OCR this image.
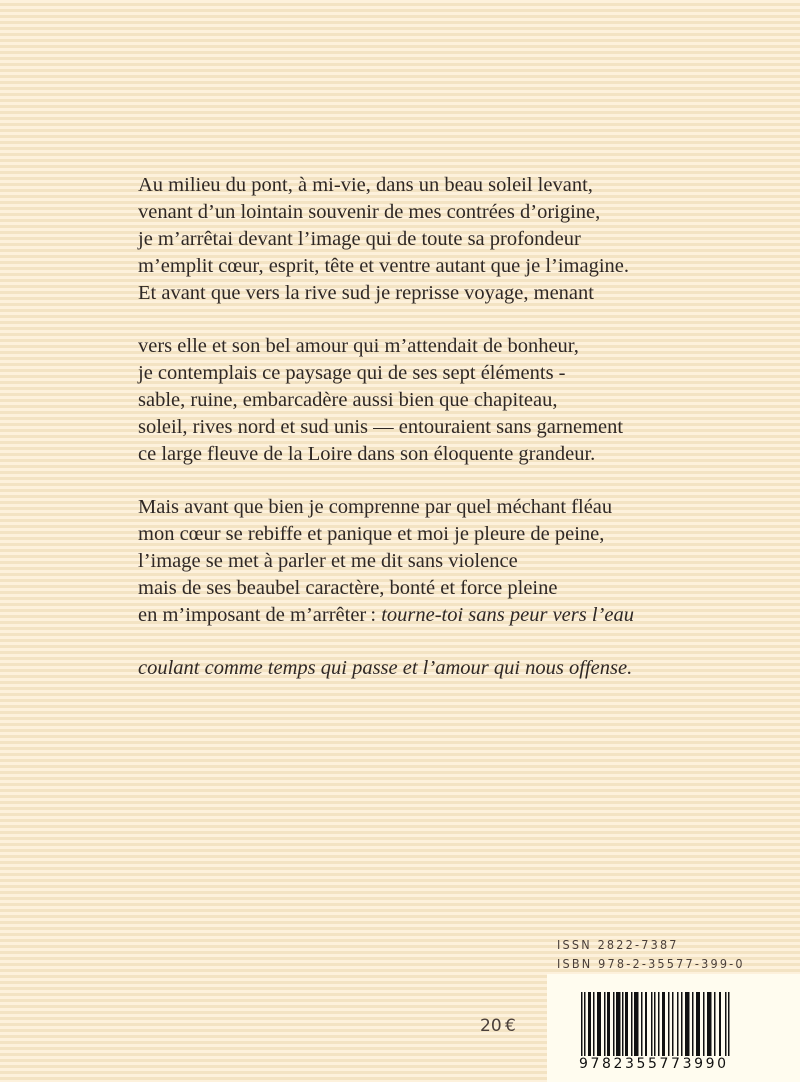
Au milieu du pont, à mi-vie, dans un beau soleil levant,
venant d’un lointain souvenir de mes contrées d’origine,
je m’arrêtai devant l’image qui de toute sa profondeur
m’emplit cœur, esprit, tête et ventre autant que je l’imagine.
Et avant que vers la rive sud je reprisse voyage, menant
vers elle et son bel amour qui m’attendait de bonheur,
je contemplais ce paysage qui de ses sept éléments -
sable, ruine, embarcadère aussi bien que chapiteau,
soleil, rives nord et sud unis — entouraient sans garnement
ce large fleuve de la Loire dans son éloquente grandeur.
Mais avant que bien je comprenne par quel méchant fléau
mon cœur se rebiffe et panique et moi je pleure de peine,
l’image se met à parler et me dit sans violence
mais de ses beaubel caractère, bonté et force pleine
en m’imposant de m’arrêter : tourne-toi sans peur vers l’eau
coulant comme temps qui passe et l’amour qui nous offense.
ISSN 2822-7387
ISBN 978-2-35577-399-0
20 €
9782355773990
